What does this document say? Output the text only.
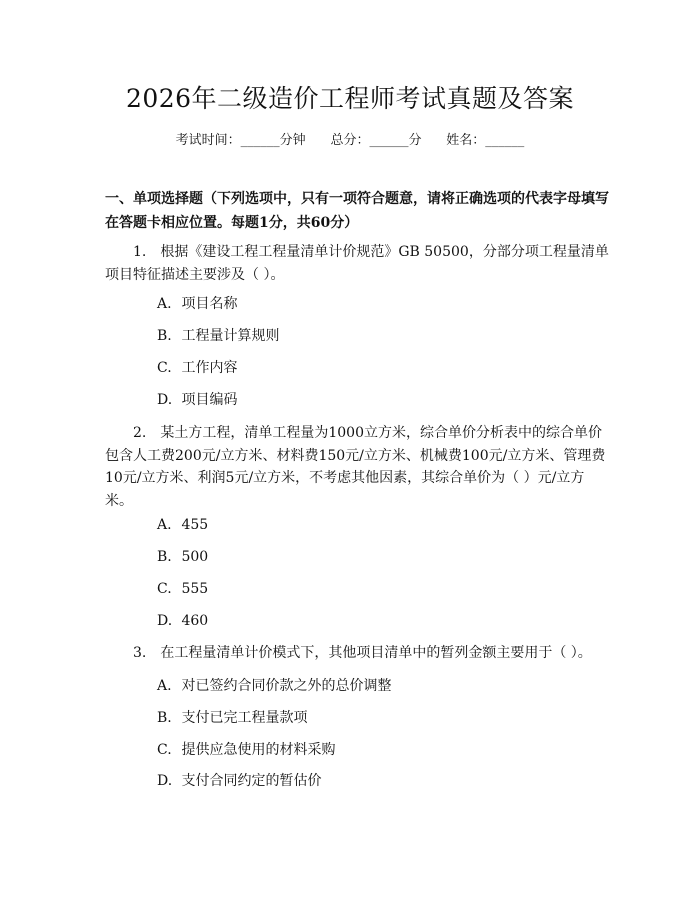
2026年二级造价工程师考试真题及答案
考试时间：______分钟 总分：______分 姓名：______
一、单项选择题（下列选项中，只有一项符合题意，请将正确选项的代表字母填写在答题卡相应位置。每题1分，共60分）
1.　根据《建设工程工程量清单计价规范》GB 50500，分部分项工程量清单项目特征描述主要涉及（ ）。
A. 项目名称
B. 工程量计算规则
C. 工作内容
D. 项目编码
2.　某土方工程，清单工程量为1000立方米，综合单价分析表中的综合单价包含人工费200元/立方米、材料费150元/立方米、机械费100元/立方米、管理费10元/立方米、利润5元/立方米，不考虑其他因素，其综合单价为（ ）元/立方米。
A. 455
B. 500
C. 555
D. 460
3.　在工程量清单计价模式下，其他项目清单中的暂列金额主要用于（ ）。
A. 对已签约合同价款之外的总价调整
B. 支付已完工程量款项
C. 提供应急使用的材料采购
D. 支付合同约定的暂估价
